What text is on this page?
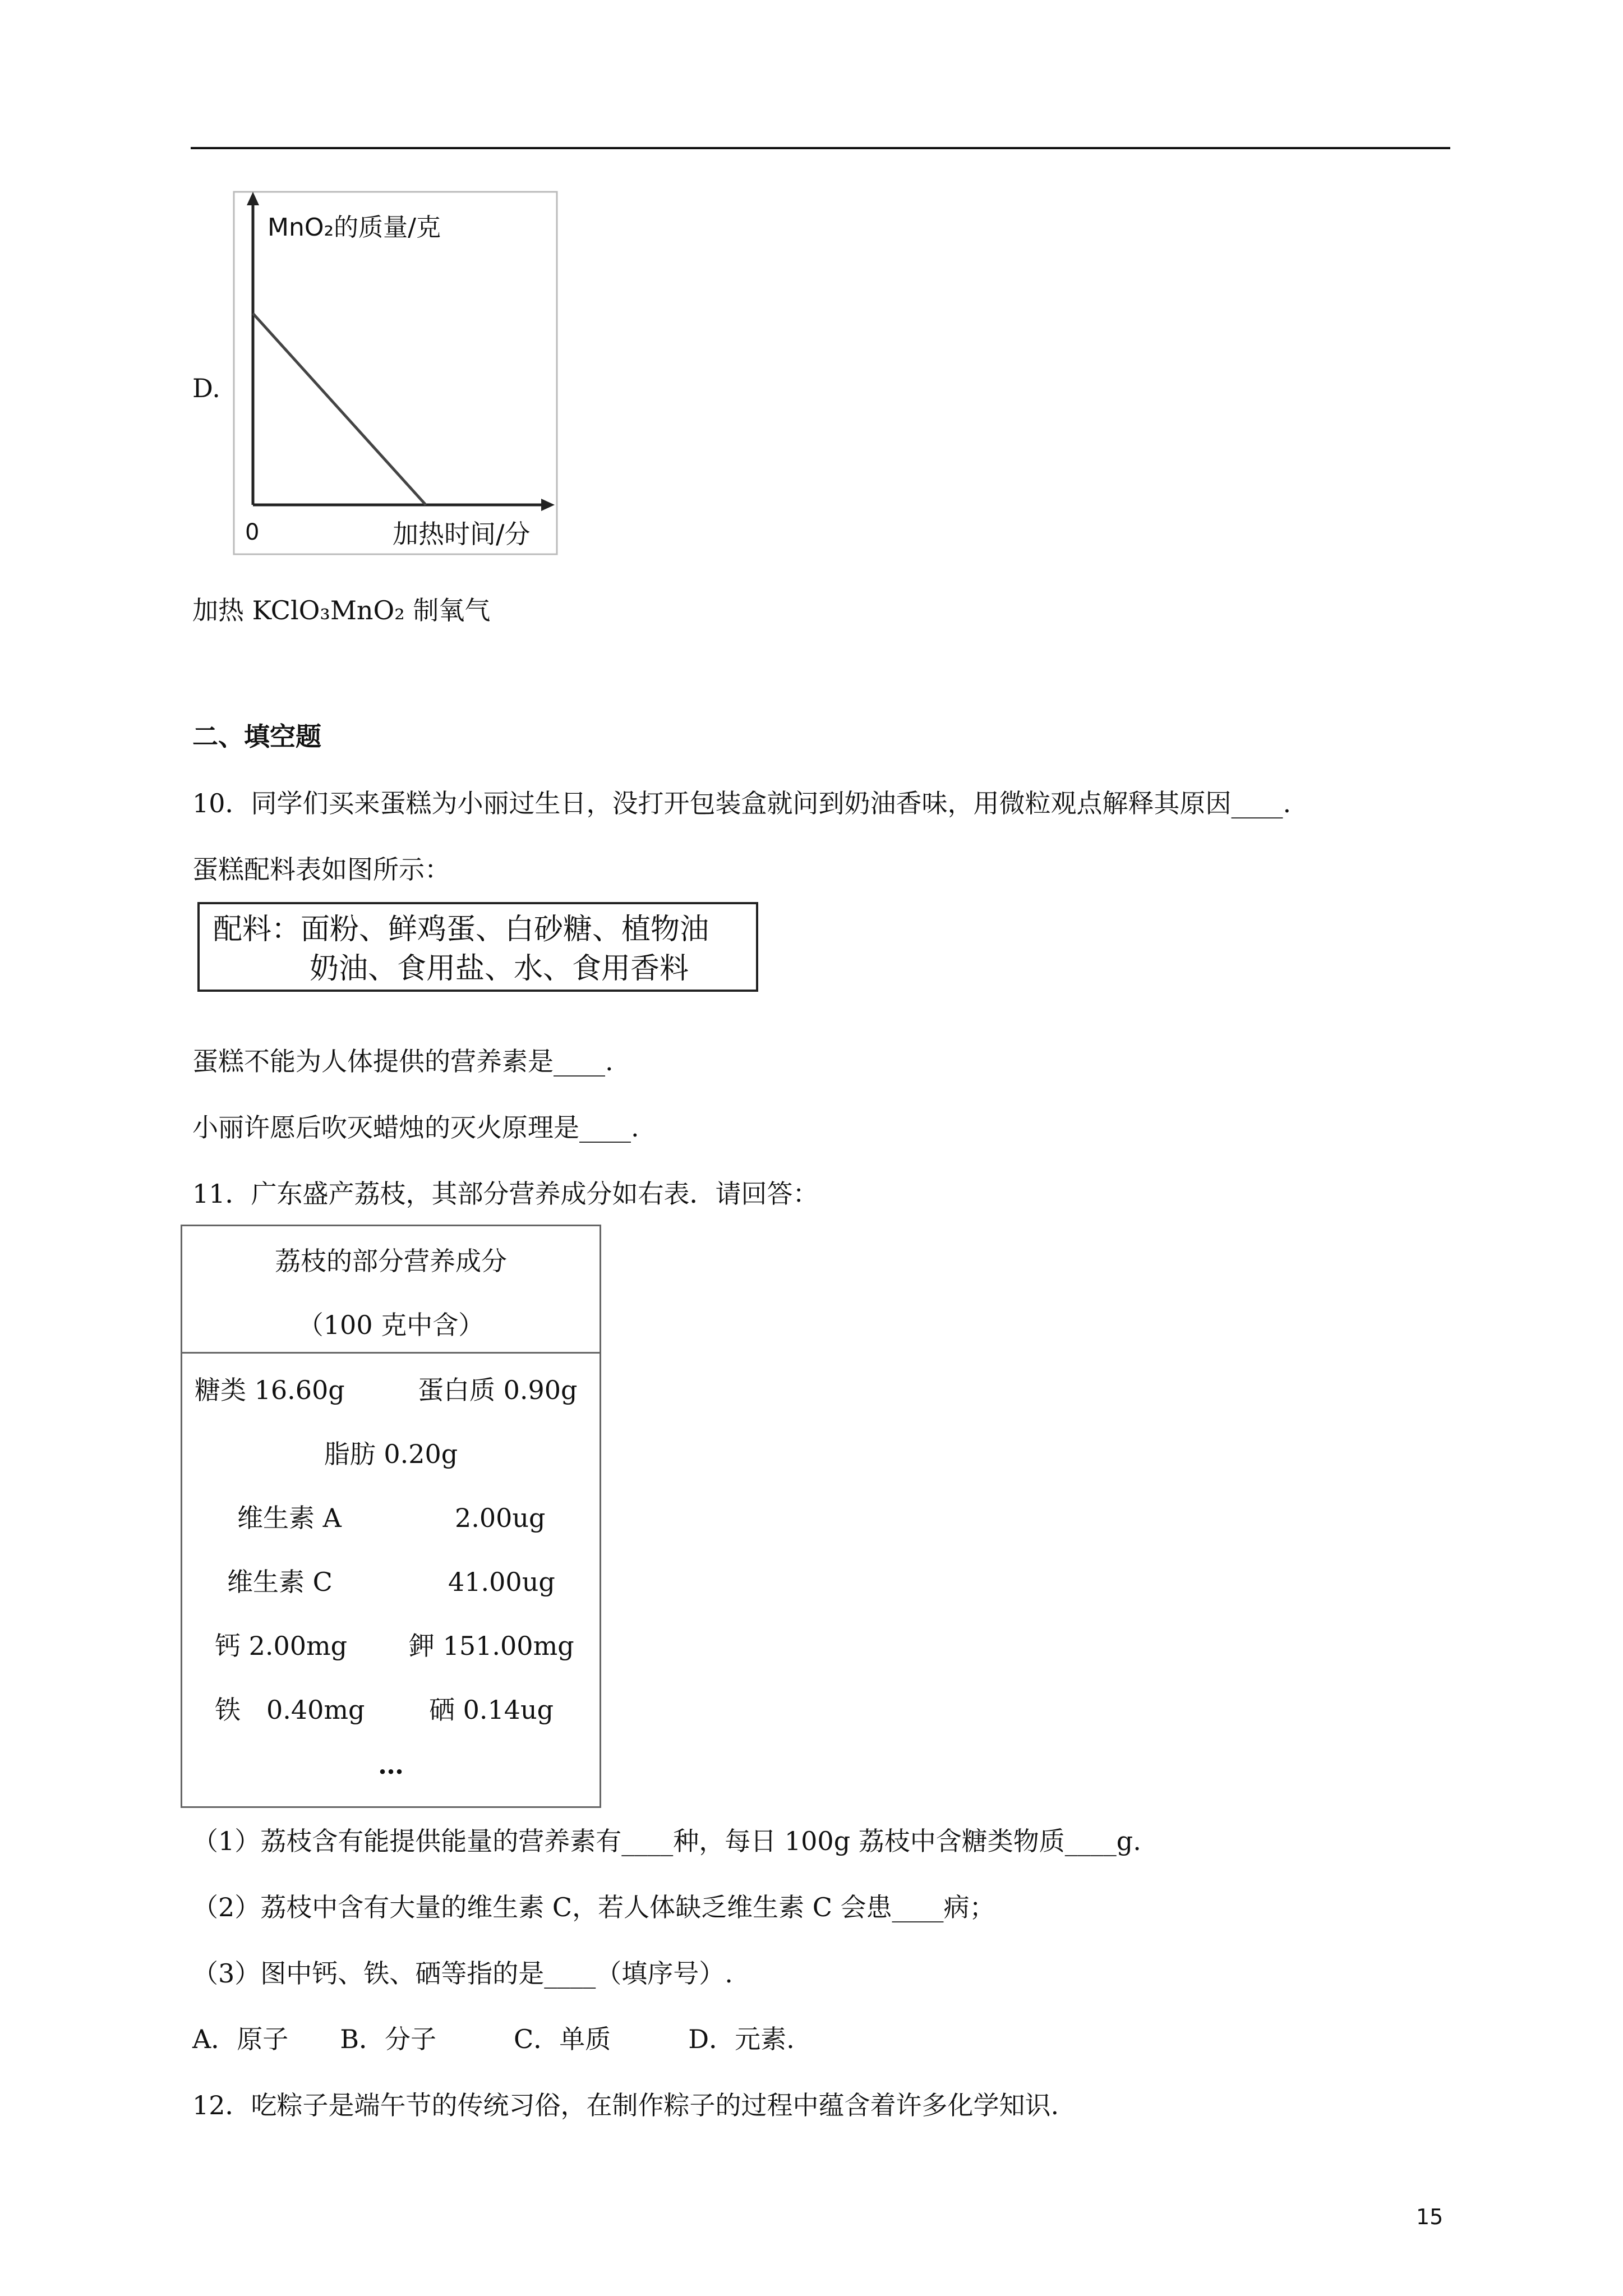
D.
MnO₂的质量/克
0	加热时间/分
加热 KClO₃MnO₂ 制氧气
二、填空题
10．同学们买来蛋糕为小丽过生日，没打开包装盒就问到奶油香味，用微粒观点解释其原因____.
蛋糕配料表如图所示：
配料：面粉、鲜鸡蛋、白砂糖、植物油
奶油、食用盐、水、食用香料
蛋糕不能为人体提供的营养素是____.
小丽许愿后吹灭蜡烛的灭火原理是____.
11．广东盛产荔枝，其部分营养成分如右表．请回答：
荔枝的部分营养成分
（100 克中含）
糖类 16.60g	蛋白质 0.90g
脂肪 0.20g
维生素 A	2.00ug
维生素 C	41.00ug
钙 2.00mg 鉀 151.00mg
铁　0.40mg 硒 0.14ug
…
（1）荔枝含有能提供能量的营养素有____种，每日 100g 荔枝中含糖类物质____g.
（2）荔枝中含有大量的维生素 C，若人体缺乏维生素 C 会患____病；
（3）图中钙、铁、硒等指的是____（填序号）.
A．原子　　B．分子　　　C．单质　　　D．元素.
12．吃粽子是端午节的传统习俗，在制作粽子的过程中蕴含着许多化学知识.
15
